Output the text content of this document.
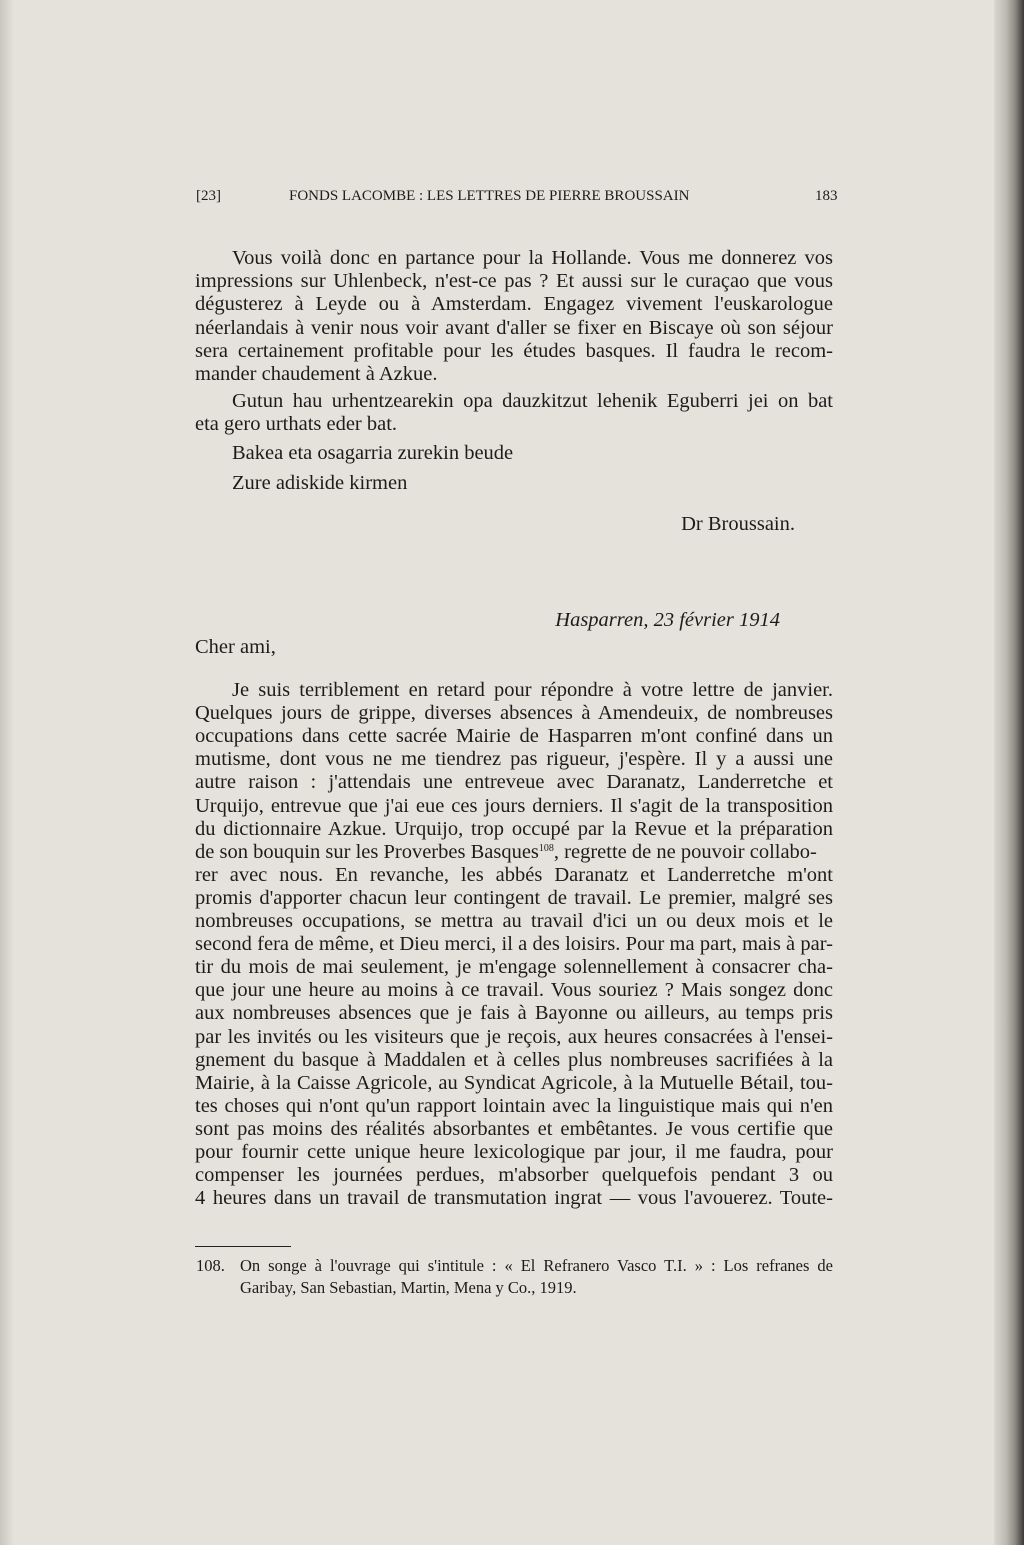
[23]	FONDS LACOMBE : LES LETTRES DE PIERRE BROUSSAIN	183
Vous voilà donc en partance pour la Hollande. Vous me donnerez vos
impressions sur Uhlenbeck, n'est-ce pas ? Et aussi sur le curaçao que vous
dégusterez à Leyde ou à Amsterdam. Engagez vivement l'euskarologue
néerlandais à venir nous voir avant d'aller se fixer en Biscaye où son séjour
sera certainement profitable pour les études basques. Il faudra le recom-
mander chaudement à Azkue.
Gutun hau urhentzearekin opa dauzkitzut lehenik Eguberri jei on bat
eta gero urthats eder bat.
Bakea eta osagarria zurekin beude
Zure adiskide kirmen
Dr Broussain.
Hasparren, 23 février 1914
Cher ami,
Je suis terriblement en retard pour répondre à votre lettre de janvier.
Quelques jours de grippe, diverses absences à Amendeuix, de nombreuses
occupations dans cette sacrée Mairie de Hasparren m'ont confiné dans un
mutisme, dont vous ne me tiendrez pas rigueur, j'espère. Il y a aussi une
autre raison : j'attendais une entreveue avec Daranatz, Landerretche et
Urquijo, entrevue que j'ai eue ces jours derniers. Il s'agit de la transposition
du dictionnaire Azkue. Urquijo, trop occupé par la Revue et la préparation
de son bouquin sur les Proverbes Basques$^{108}$, regrette de ne pouvoir collabo-
rer avec nous. En revanche, les abbés Daranatz et Landerretche m'ont
promis d'apporter chacun leur contingent de travail. Le premier, malgré ses
nombreuses occupations, se mettra au travail d'ici un ou deux mois et le
second fera de même, et Dieu merci, il a des loisirs. Pour ma part, mais à par-
tir du mois de mai seulement, je m'engage solennellement à consacrer cha-
que jour une heure au moins à ce travail. Vous souriez ? Mais songez donc
aux nombreuses absences que je fais à Bayonne ou ailleurs, au temps pris
par les invités ou les visiteurs que je reçois, aux heures consacrées à l'ensei-
gnement du basque à Maddalen et à celles plus nombreuses sacrifiées à la
Mairie, à la Caisse Agricole, au Syndicat Agricole, à la Mutuelle Bétail, tou-
tes choses qui n'ont qu'un rapport lointain avec la linguistique mais qui n'en
sont pas moins des réalités absorbantes et embêtantes. Je vous certifie que
pour fournir cette unique heure lexicologique par jour, il me faudra, pour
compenser les journées perdues, m'absorber quelquefois pendant 3 ou
4 heures dans un travail de transmutation ingrat — vous l'avouerez. Toute-
108. On songe à l'ouvrage qui s'intitule : « El Refranero Vasco T.I. » : Los refranes de
Garibay, San Sebastian, Martin, Mena y Co., 1919.
